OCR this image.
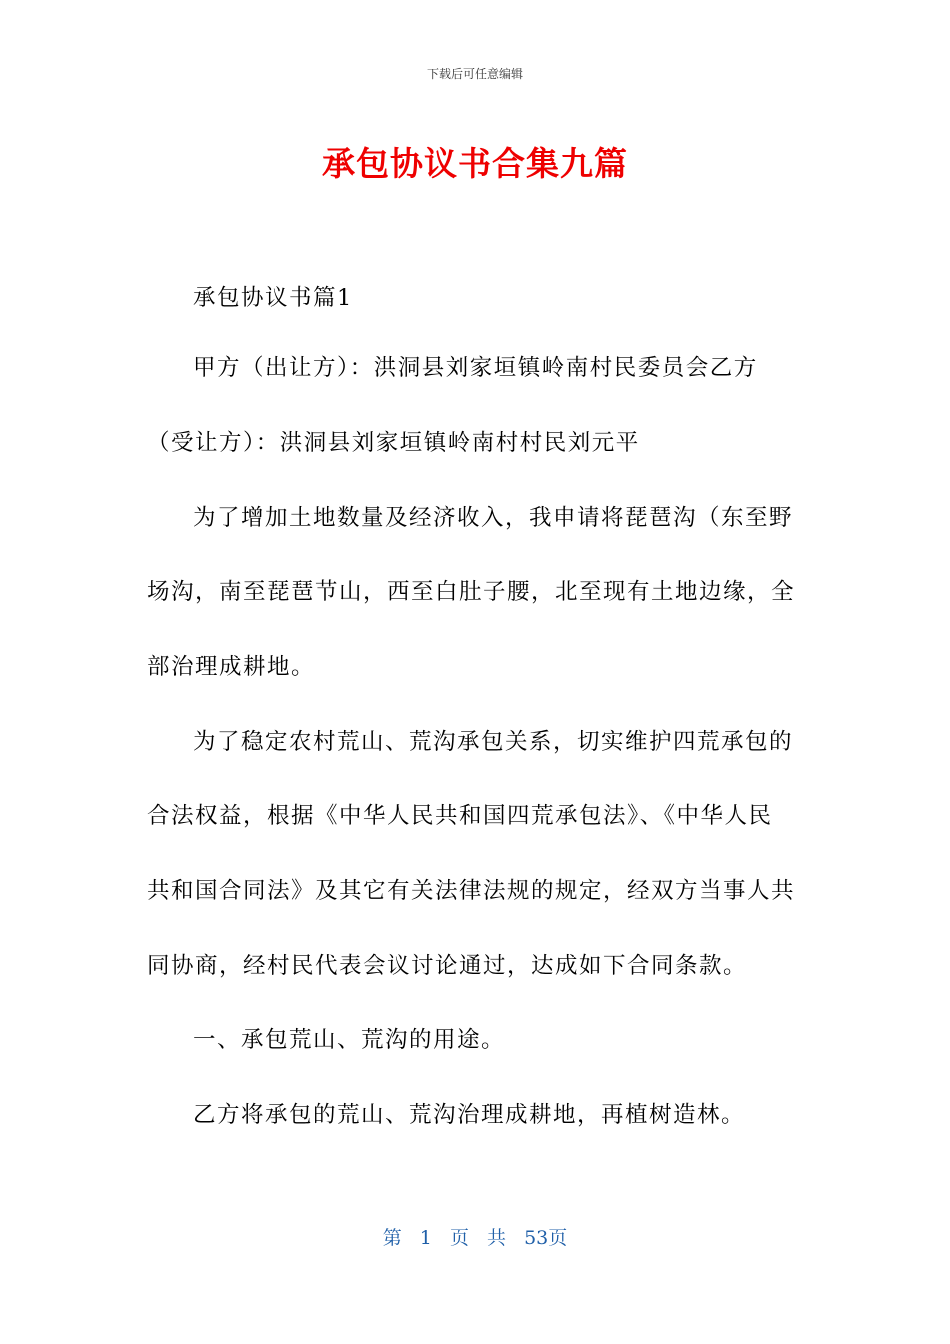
下载后可任意编辑
承包协议书合集九篇
承包协议书篇1
甲方（出让方）：洪洞县刘家垣镇岭南村民委员会乙方
（受让方）：洪洞县刘家垣镇岭南村村民刘元平
为了增加土地数量及经济收入，我申请将琵琶沟（东至野
场沟，南至琵琶节山，西至白肚子腰，北至现有土地边缘，全
部治理成耕地。
为了稳定农村荒山、荒沟承包关系，切实维护四荒承包的
合法权益，根据《中华人民共和国四荒承包法》、《中华人民
共和国合同法》及其它有关法律法规的规定，经双方当事人共
同协商，经村民代表会议讨论通过，达成如下合同条款。
一、承包荒山、荒沟的用途。
乙方将承包的荒山、荒沟治理成耕地，再植树造林。
第 1 页 共 53页
